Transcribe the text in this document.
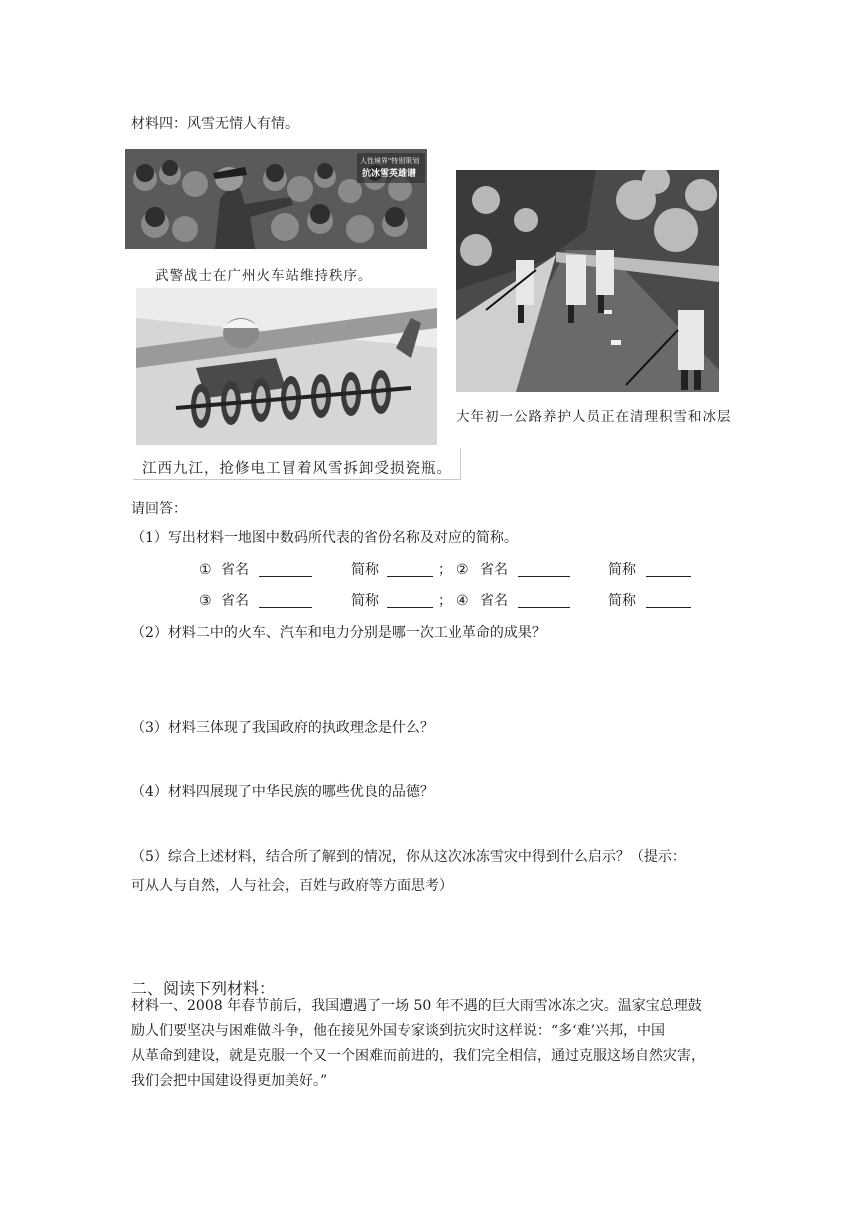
材料四：风雪无情人有情。
人性境界"特别策划
抗冰雪英雄谱
武警战士在广州火车站维持秩序。
大年初一公路养护人员正在清理积雪和冰层
江西九江，抢修电工冒着风雪拆卸受损瓷瓶。
请回答：
（1）写出材料一地图中数码所代表的省份名称及对应的简称。
① 省名	简称	； ② 省名	简称
③ 省名	简称	； ④ 省名	简称
（2）材料二中的火车、汽车和电力分别是哪一次工业革命的成果？
（3）材料三体现了我国政府的执政理念是什么？
（4）材料四展现了中华民族的哪些优良的品德？
（5）综合上述材料，结合所了解到的情况，你从这次冰冻雪灾中得到什么启示？（提示：
可从人与自然，人与社会，百姓与政府等方面思考）
二、阅读下列材料：
材料一、2008 年春节前后，我国遭遇了一场 50 年不遇的巨大雨雪冰冻之灾。温家宝总理鼓
励人们要坚决与困难做斗争，他在接见外国专家谈到抗灾时这样说：“多‘难’兴邦，中国
从革命到建设，就是克服一个又一个困难而前进的，我们完全相信，通过克服这场自然灾害，
我们会把中国建设得更加美好。”
